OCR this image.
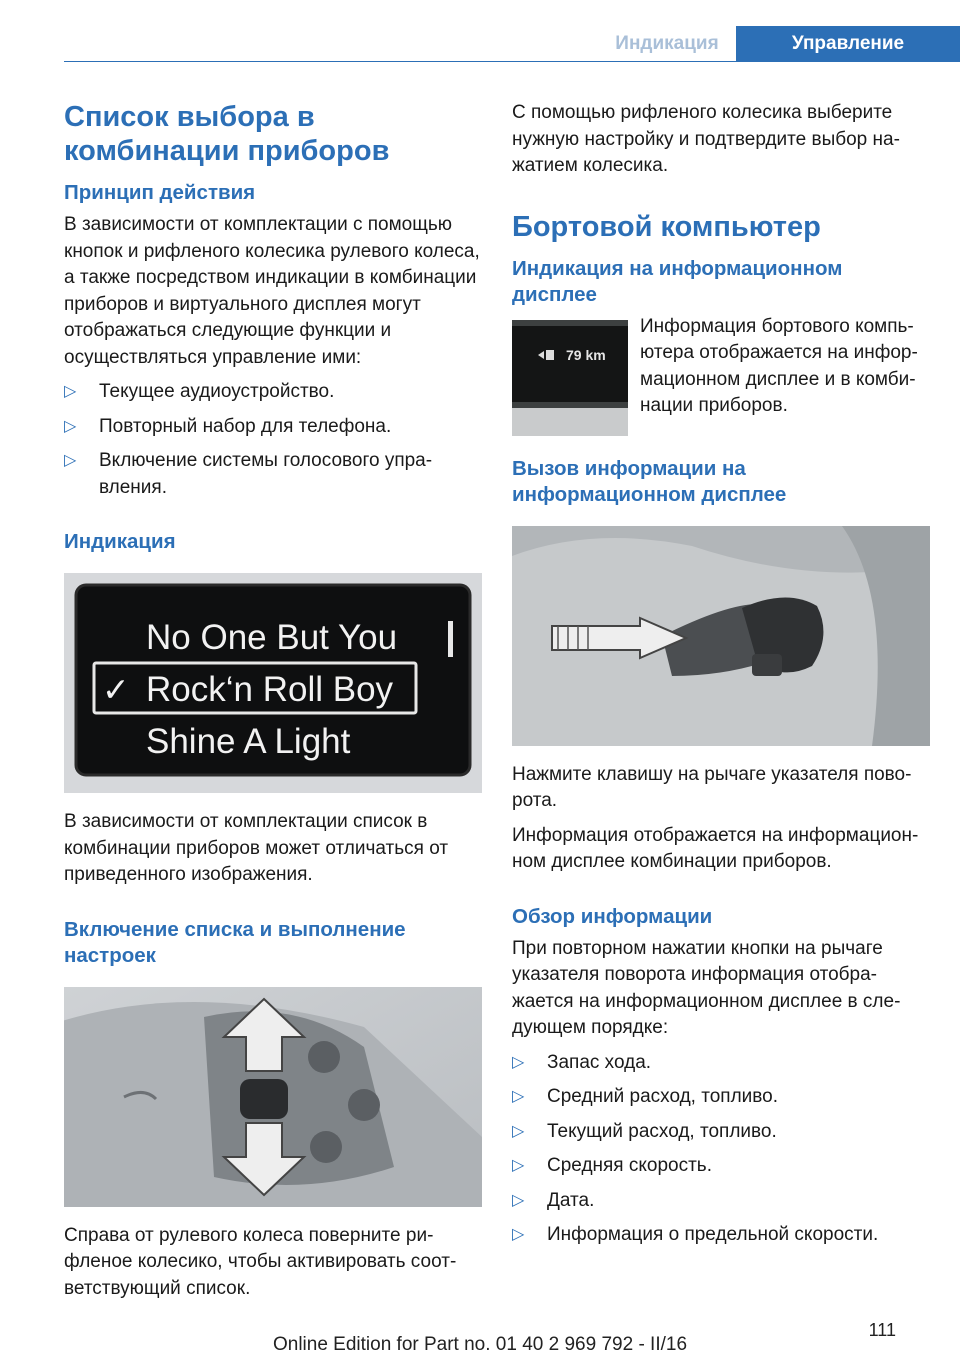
Индикация	Управление
Список выбора в комбинации приборов
Принцип действия

В зависимости от комплектации с помощью кнопок и рифленого колесика рулевого колеса, а также посредством индикации в комбинации приборов и виртуального дисплея могут отображаться следующие функции и осуществляться управление ими:

▷ Текущее аудиоустройство.
▷ Повторный набор для телефона.
▷ Включение системы голосового управления.
Индикация
No One But You
✓ Rock‘n Roll Boy
Shine A Light

В зависимости от комплектации список в комбинации приборов может отличаться от приведенного изображения.

Включение списка и выполнение настроек

Справа от рулевого колеса поверните рифленое колесико, чтобы активировать соответствующий список.

С помощью рифленого колесика выберите нужную настройку и подтвердите выбор нажатием колесика.

Бортовой компьютер
Индикация на информационном дисплее
79 km

Информация бортового компьютера отображается на информационном дисплее и в комбинации приборов.

Вызов информации на информационном дисплее

Нажмите клавишу на рычаге указателя поворота.

Информация отображается на информационном дисплее комбинации приборов.

Обзор информации

При повторном нажатии кнопки на рычаге указателя поворота информация отображается на информационном дисплее в следующем порядке:

▷ Запас хода.
▷ Средний расход, топливо.
▷ Текущий расход, топливо.
▷ Средняя скорость.
▷ Дата.
▷ Информация о предельной скорости.
111
Online Edition for Part no. 01 40 2 969 792 - II/16
